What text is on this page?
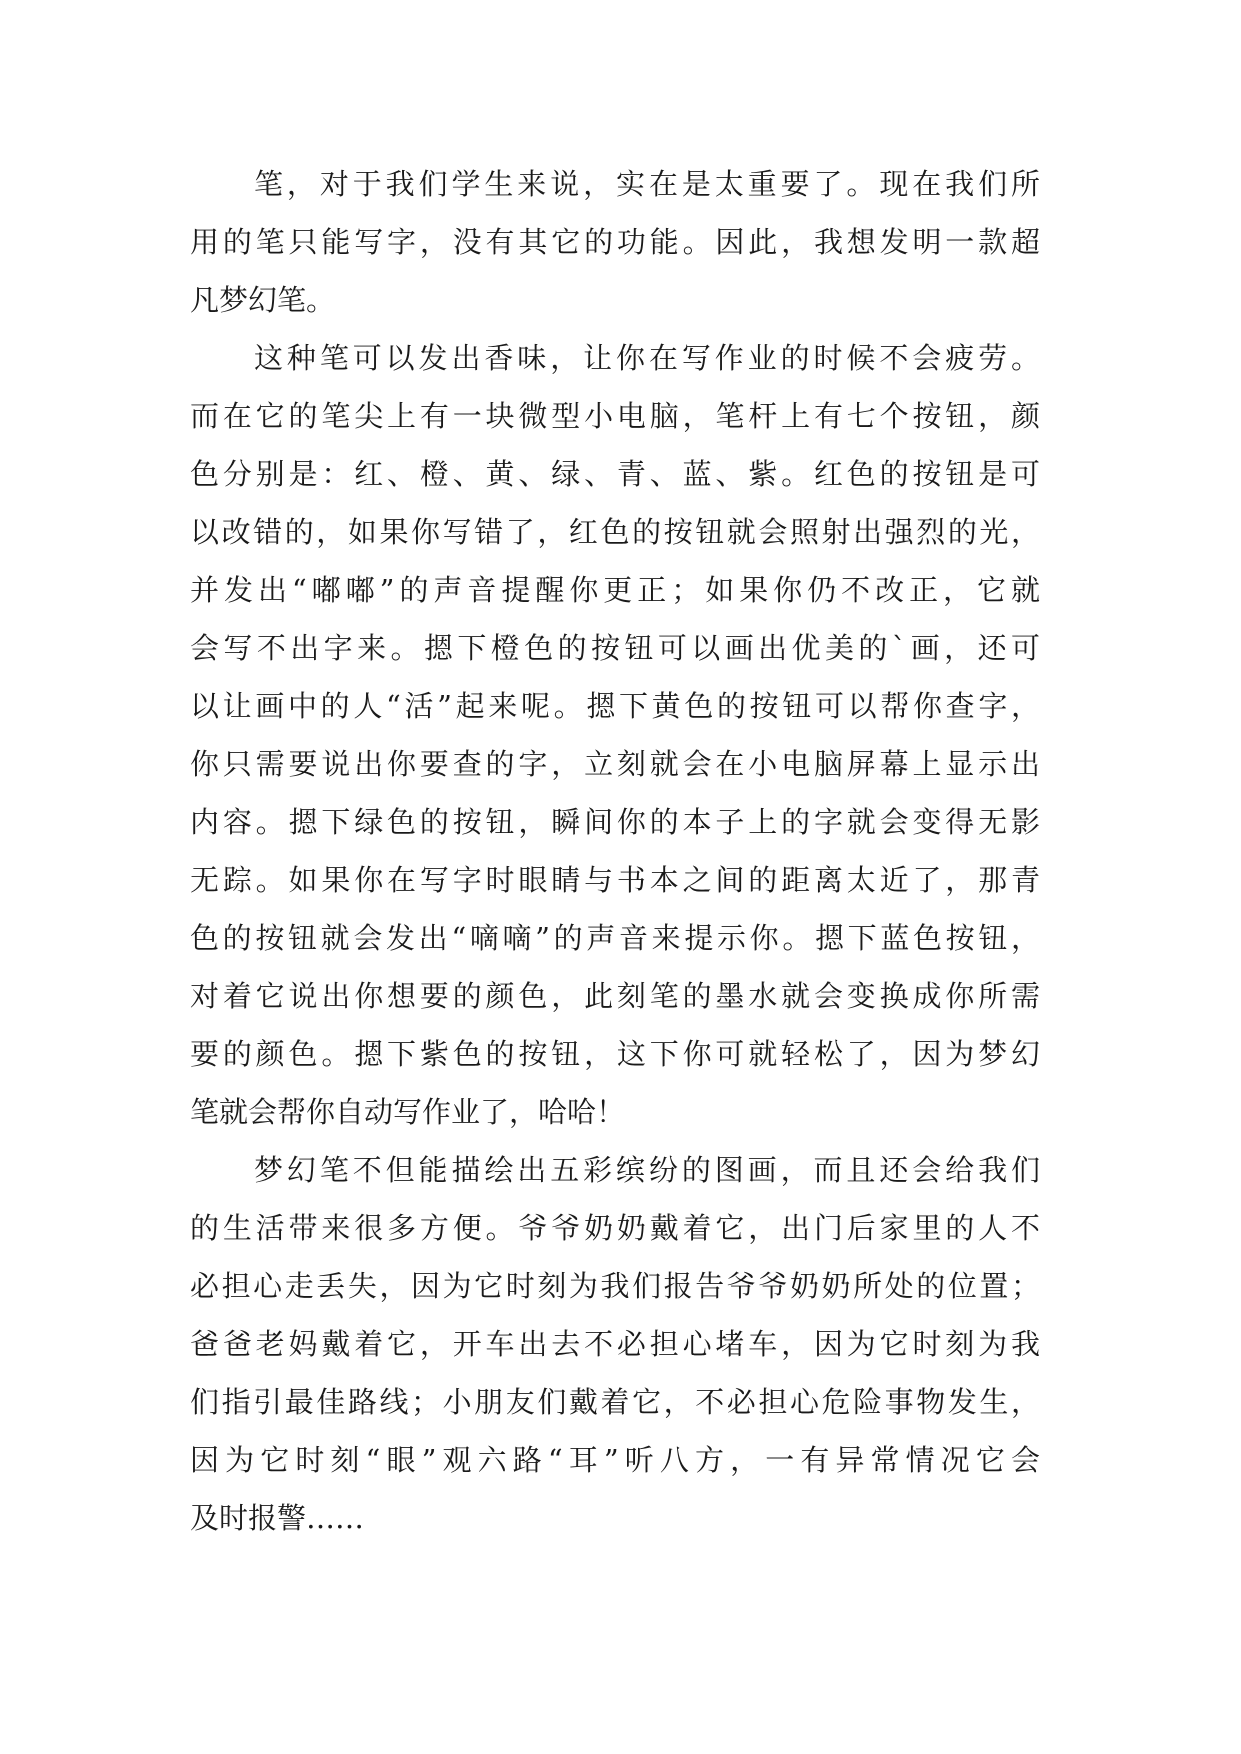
笔，对于我们学生来说，实在是太重要了。现在我们所
用的笔只能写字，没有其它的功能。因此，我想发明一款超
凡梦幻笔。
这种笔可以发出香味，让你在写作业的时候不会疲劳。
而在它的笔尖上有一块微型小电脑，笔杆上有七个按钮，颜
色分别是：红、橙、黄、绿、青、蓝、紫。红色的按钮是可
以改错的，如果你写错了，红色的按钮就会照射出强烈的光，
并发出“嘟嘟”的声音提醒你更正；如果你仍不改正，它就
会写不出字来。摁下橙色的按钮可以画出优美的`画，还可
以让画中的人“活”起来呢。摁下黄色的按钮可以帮你查字，
你只需要说出你要查的字，立刻就会在小电脑屏幕上显示出
内容。摁下绿色的按钮，瞬间你的本子上的字就会变得无影
无踪。如果你在写字时眼睛与书本之间的距离太近了，那青
色的按钮就会发出“嘀嘀”的声音来提示你。摁下蓝色按钮，
对着它说出你想要的颜色，此刻笔的墨水就会变换成你所需
要的颜色。摁下紫色的按钮，这下你可就轻松了，因为梦幻
笔就会帮你自动写作业了，哈哈！
梦幻笔不但能描绘出五彩缤纷的图画，而且还会给我们
的生活带来很多方便。爷爷奶奶戴着它，出门后家里的人不
必担心走丢失，因为它时刻为我们报告爷爷奶奶所处的位置；
爸爸老妈戴着它，开车出去不必担心堵车，因为它时刻为我
们指引最佳路线；小朋友们戴着它，不必担心危险事物发生，
因为它时刻“眼”观六路“耳”听八方，一有异常情况它会
及时报警……
